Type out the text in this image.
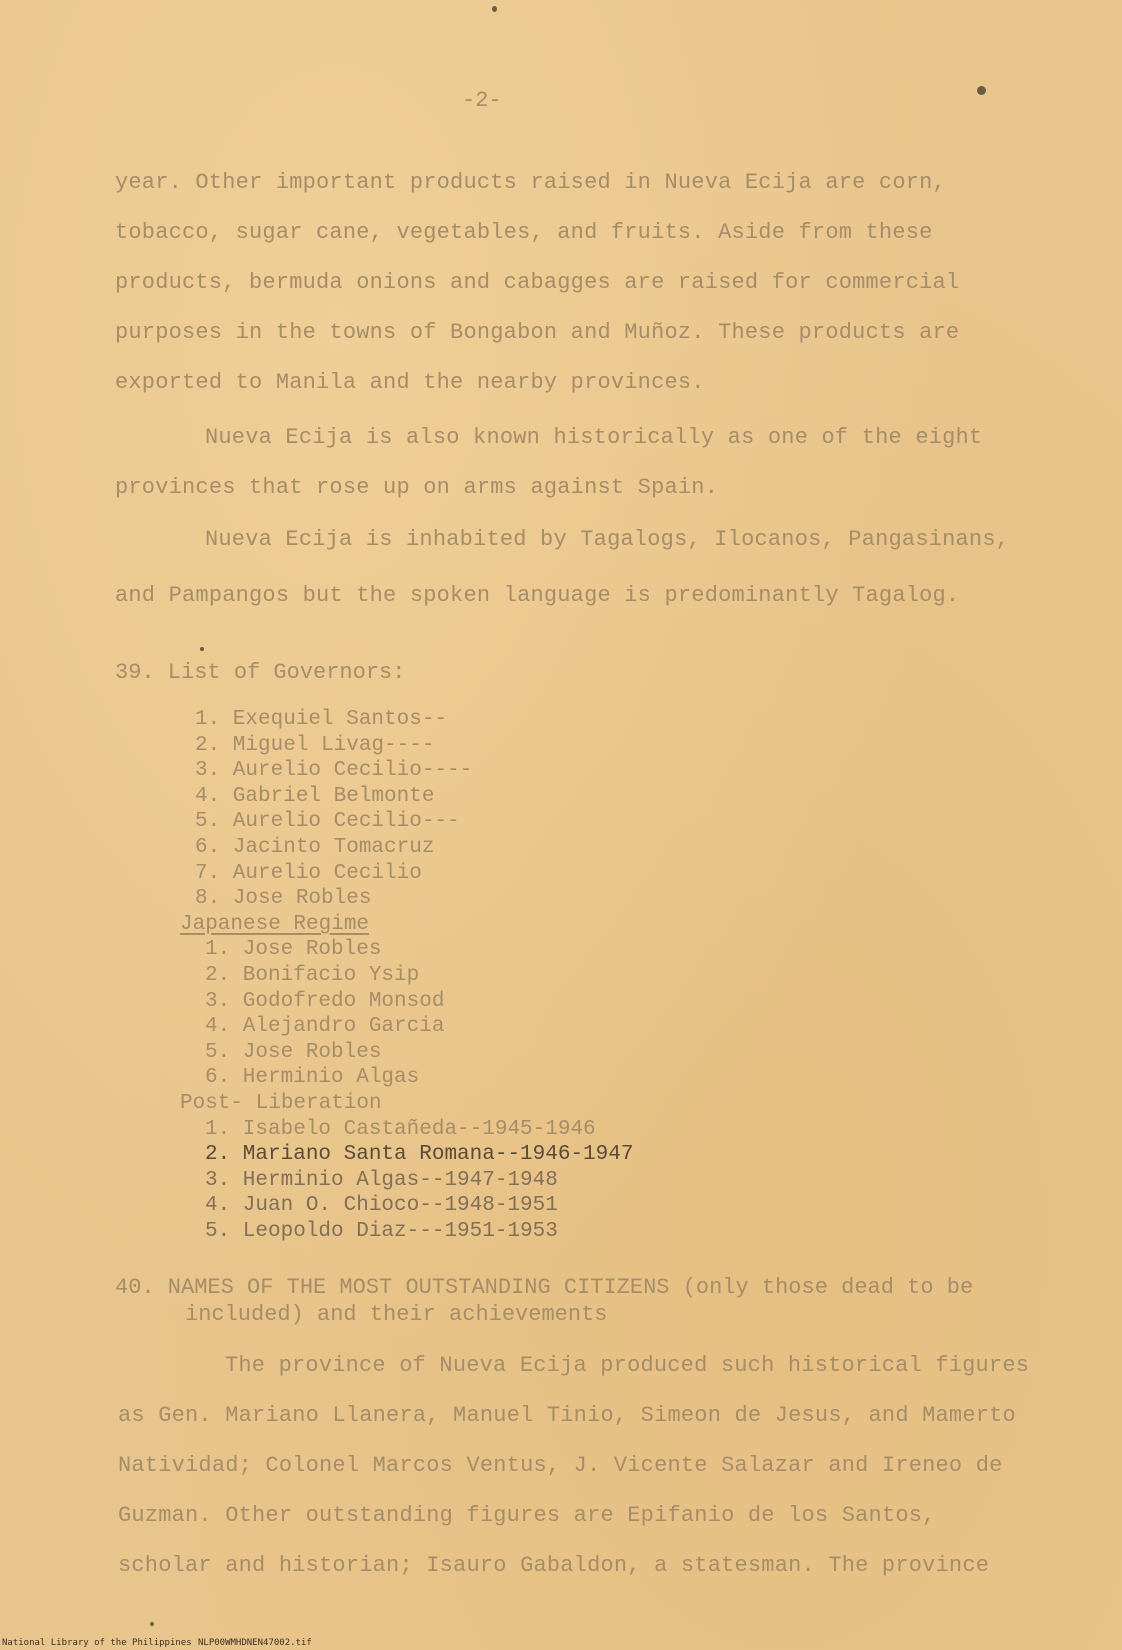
-2-
year. Other important products raised in Nueva Ecija are corn,
tobacco, sugar cane, vegetables, and fruits. Aside from these
products, bermuda onions and cabagges are raised for commercial
purposes in the towns of Bongabon and Muñoz. These products are
exported to Manila and the nearby provinces.
Nueva Ecija is also known historically as one of the eight
provinces that rose up on arms against Spain.
Nueva Ecija is inhabited by Tagalogs, Ilocanos, Pangasinans,
and Pampangos but the spoken language is predominantly Tagalog.
39. List of Governors:
1. Exequiel Santos--
2. Miguel Livag----
3. Aurelio Cecilio----
4. Gabriel Belmonte
5. Aurelio Cecilio---
6. Jacinto Tomacruz
7. Aurelio Cecilio
8. Jose Robles
Japanese Regime
1. Jose Robles
2. Bonifacio Ysip
3. Godofredo Monsod
4. Alejandro Garcia
5. Jose Robles
6. Herminio Algas
Post- Liberation
1. Isabelo Castañeda--1945-1946
2. Mariano Santa Romana--1946-1947
3. Herminio Algas--1947-1948
4. Juan O. Chioco--1948-1951
5. Leopoldo Diaz---1951-1953
40. NAMES OF THE MOST OUTSTANDING CITIZENS (only those dead to be
included) and their achievements
The province of Nueva Ecija produced such historical figures
as Gen. Mariano Llanera, Manuel Tinio, Simeon de Jesus, and Mamerto
Natividad; Colonel Marcos Ventus, J. Vicente Salazar and Ireneo de
Guzman. Other outstanding figures are Epifanio de los Santos,
scholar and historian; Isauro Gabaldon, a statesman. The province
National Library of the Philippines NLP00WMHDNEN47002.tif
